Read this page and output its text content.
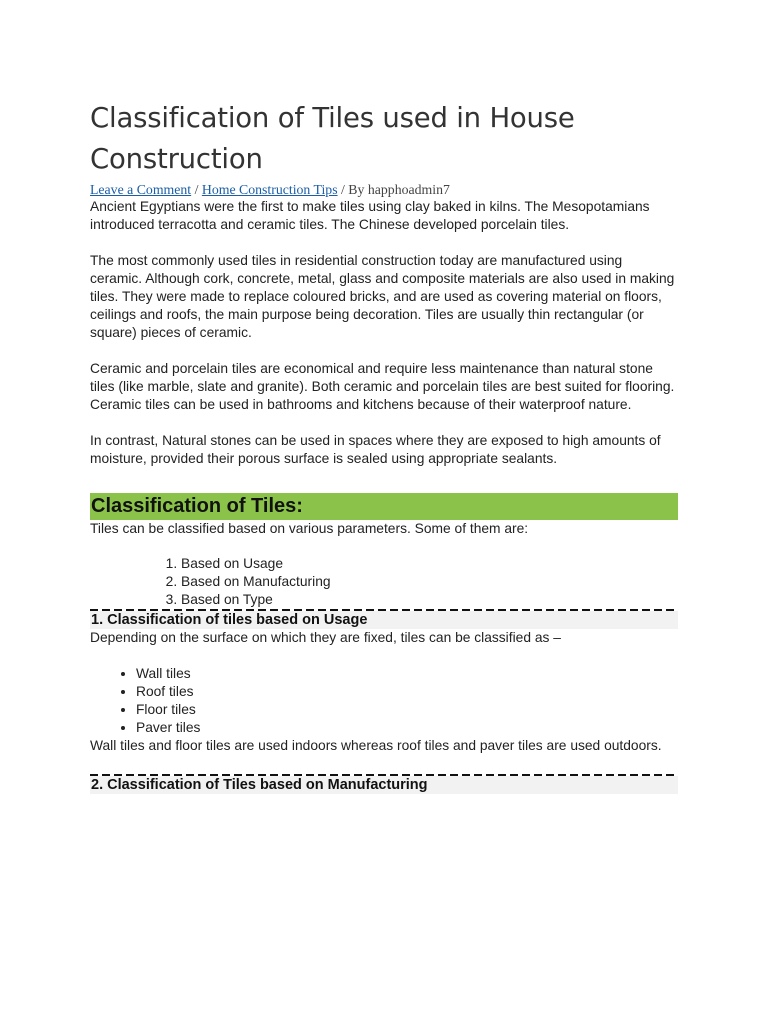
Classification of Tiles used in House Construction
Leave a Comment / Home Construction Tips / By happhoadmin7

Ancient Egyptians were the first to make tiles using clay baked in kilns. The Mesopotamians introduced terracotta and ceramic tiles. The Chinese developed porcelain tiles.

The most commonly used tiles in residential construction today are manufactured using ceramic. Although cork, concrete, metal, glass and composite materials are also used in making tiles. They were made to replace coloured bricks, and are used as covering material on floors, ceilings and roofs, the main purpose being decoration. Tiles are usually thin rectangular (or square) pieces of ceramic.

Ceramic and porcelain tiles are economical and require less maintenance than natural stone tiles (like marble, slate and granite). Both ceramic and porcelain tiles are best suited for flooring. Ceramic tiles can be used in bathrooms and kitchens because of their waterproof nature.

In contrast, Natural stones can be used in spaces where they are exposed to high amounts of moisture, provided their porous surface is sealed using appropriate sealants.

Classification of Tiles:

Tiles can be classified based on various parameters. Some of them are:

1. Based on Usage
2. Based on Manufacturing
3. Based on Type
1. Classification of tiles based on Usage

Depending on the surface on which they are fixed, tiles can be classified as –

• Wall tiles
• Roof tiles
• Floor tiles
• Paver tiles

Wall tiles and floor tiles are used indoors whereas roof tiles and paver tiles are used outdoors.

2. Classification of Tiles based on Manufacturing
